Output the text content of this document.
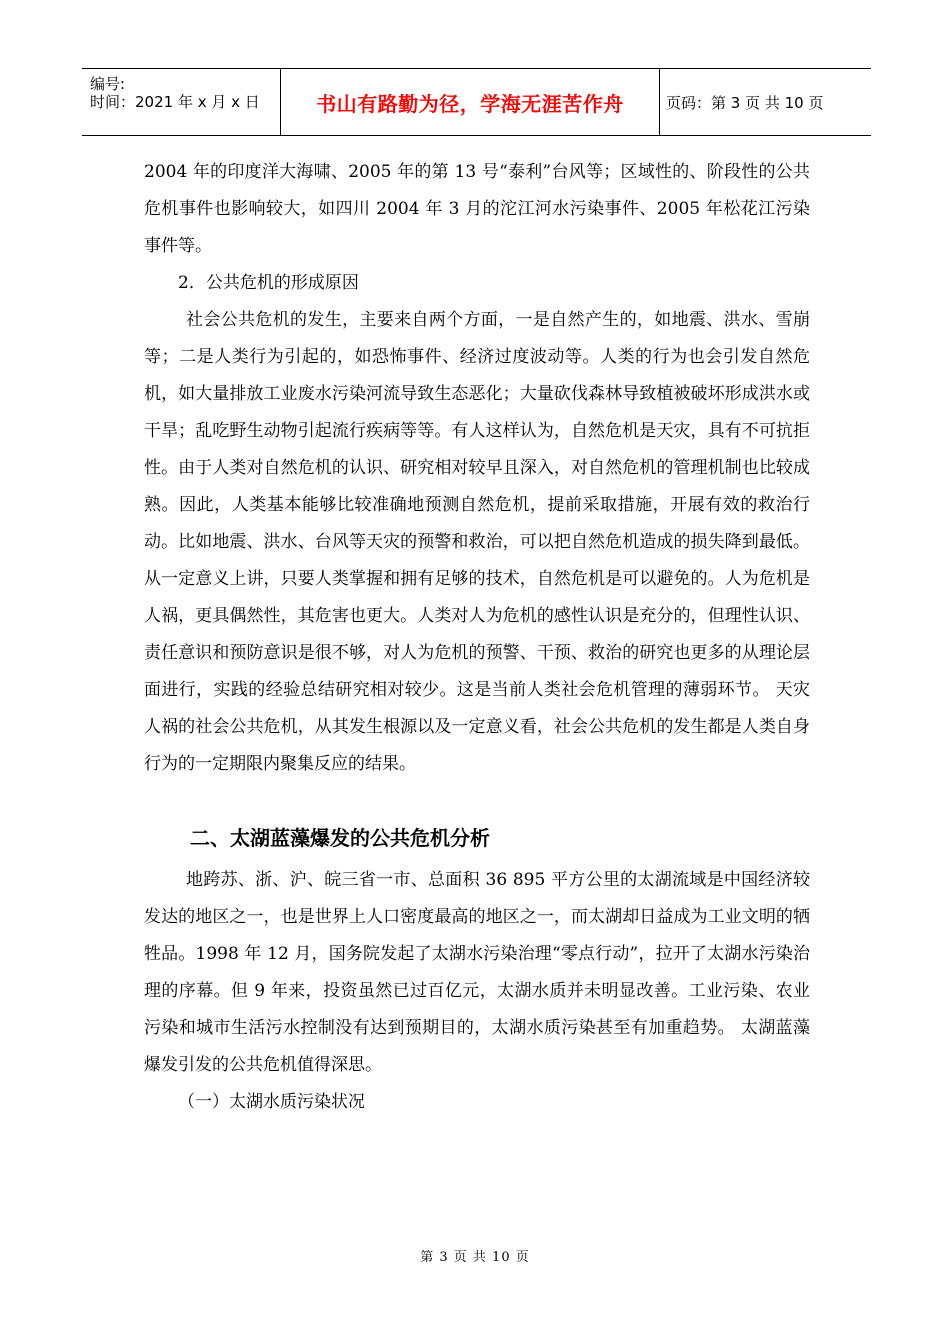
编号:
时间：2021 年 x 月 x 日	书山有路勤为径，学海无涯苦作舟	页码：第 3 页 共 10 页

2004 年的印度洋大海啸、2005 年的第 13 号“泰利”台风等；区域性的、阶段性的公共危机事件也影响较大，如四川 2004 年 3 月的沱江河水污染事件、2005 年松花江污染事件等。

2．公共危机的形成原因

社会公共危机的发生，主要来自两个方面，一是自然产生的，如地震、洪水、雪崩等；二是人类行为引起的，如恐怖事件、经济过度波动等。人类的行为也会引发自然危机，如大量排放工业废水污染河流导致生态恶化；大量砍伐森林导致植被破坏形成洪水或干旱；乱吃野生动物引起流行疾病等等。有人这样认为，自然危机是天灾，具有不可抗拒性。由于人类对自然危机的认识、研究相对较早且深入，对自然危机的管理机制也比较成熟。因此，人类基本能够比较准确地预测自然危机，提前采取措施，开展有效的救治行动。比如地震、洪水、台风等天灾的预警和救治，可以把自然危机造成的损失降到最低。从一定意义上讲，只要人类掌握和拥有足够的技术，自然危机是可以避免的。人为危机是人祸，更具偶然性，其危害也更大。人类对人为危机的感性认识是充分的，但理性认识、责任意识和预防意识是很不够，对人为危机的预警、干预、救治的研究也更多的从理论层面进行，实践的经验总结研究相对较少。这是当前人类社会危机管理的薄弱环节。 天灾人祸的社会公共危机，从其发生根源以及一定意义看，社会公共危机的发生都是人类自身行为的一定期限内聚集反应的结果。

二、太湖蓝藻爆发的公共危机分析

地跨苏、浙、沪、皖三省一市、总面积 36 895 平方公里的太湖流域是中国经济较发达的地区之一，也是世界上人口密度最高的地区之一，而太湖却日益成为工业文明的牺牲品。1998 年 12 月，国务院发起了太湖水污染治理“零点行动”，拉开了太湖水污染治理的序幕。但 9 年来，投资虽然已过百亿元，太湖水质并未明显改善。工业污染、农业污染和城市生活污水控制没有达到预期目的，太湖水质污染甚至有加重趋势。 太湖蓝藻爆发引发的公共危机值得深思。

（一）太湖水质污染状况

第 3 页 共 10 页
